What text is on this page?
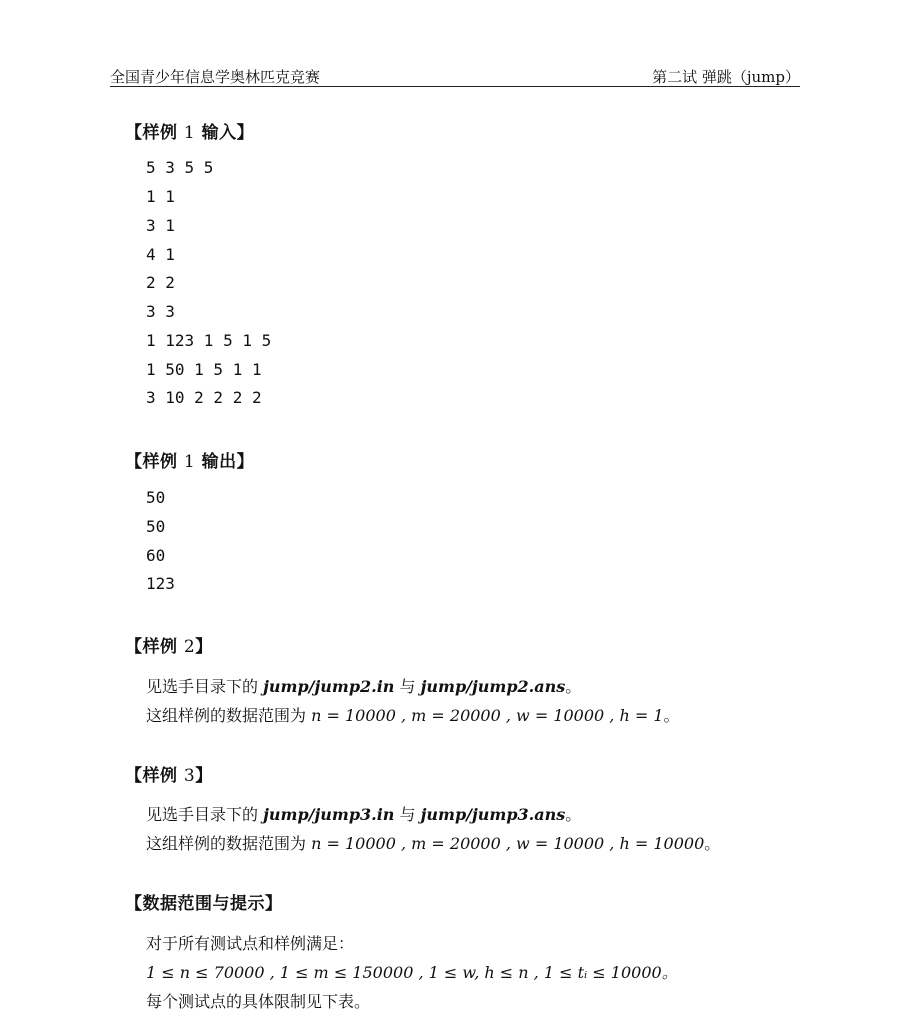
全国青少年信息学奥林匹克竞赛	第二试 弹跳（jump）
【样例 1 输入】
5 3 5 5
1 1
3 1
4 1
2 2
3 3
1 123 1 5 1 5
1 50 1 5 1 1
3 10 2 2 2 2
【样例 1 输出】
50
50
60
123
【样例 2】
见选手目录下的 jump/jump2.in 与 jump/jump2.ans。
这组样例的数据范围为 n = 10000 , m = 20000 , w = 10000 , h = 1。
【样例 3】
见选手目录下的 jump/jump3.in 与 jump/jump3.ans。
这组样例的数据范围为 n = 10000 , m = 20000 , w = 10000 , h = 10000。
【数据范围与提示】
对于所有测试点和样例满足：
1 ≤ n ≤ 70000 , 1 ≤ m ≤ 150000 , 1 ≤ w, h ≤ n , 1 ≤ tᵢ ≤ 10000。
每个测试点的具体限制见下表。
